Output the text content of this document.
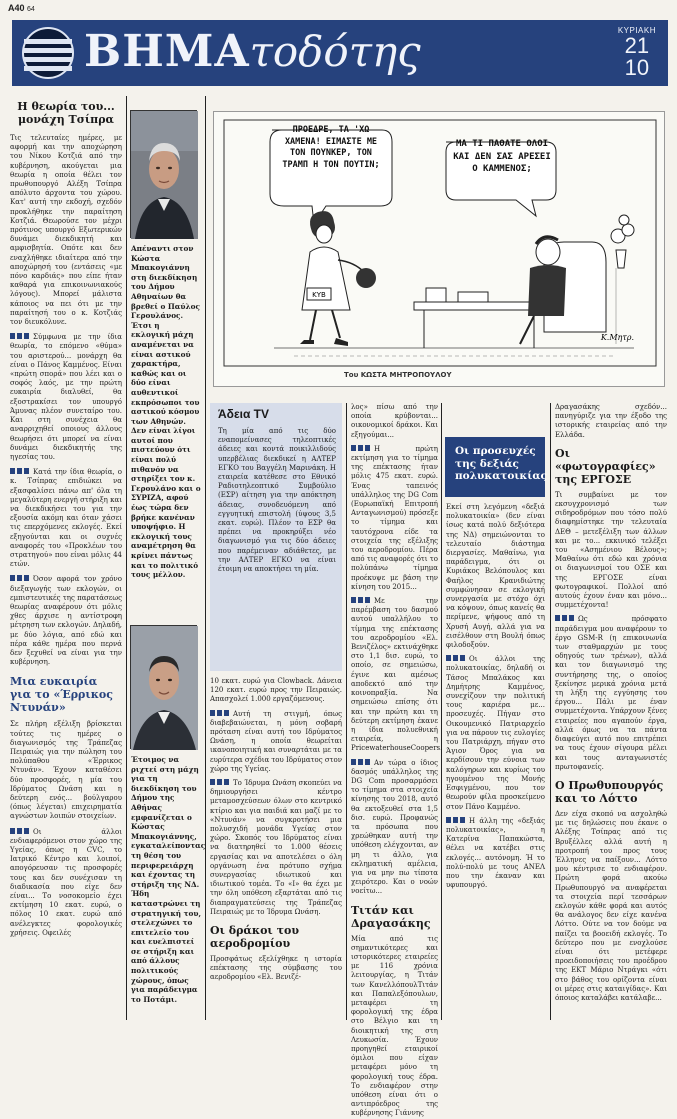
A40 64
ΒΗΜΑτοδότης	ΚΥΡΙΑΚΗ
21
10
Η θεωρία του... μονάχη Τσίπρα

Τις τελευταίες ημέρες, με αφορμή και την αποχώρηση του Νίκου Κοτζιά από την κυβέρνηση, ακούγεται μια θεωρία η οποία θέλει τον πρωθυπουργό Αλέξη Τσίπρα απόλυτο άρχοντα του χώρου. Κατ' αυτή την εκδοχή, σχεδόν προκλήθηκε την παραίτηση Κοτζιά. Θεωρούσε τον μέχρι πρότινος υπουργό Εξωτερικών δυνάμει διεκδικητή και αμφισβητία. Οπότε και δεν εναχλήθηκε ιδιαίτερα από την αποχώρησή του (εντάσεις «με πόνο καρδιάς» που είπε ήταν καθαρά για επικοινωνιακούς λόγους). Μπορεί μάλιστα κάποιος να πει ότι με την παραίτησή του ο κ. Κοτζιάς τον διευκόλυνε.

Σύμφωνα με την ίδια θεωρία, το επόμενο «θύμα» του αριστερού... μονάρχη θα είναι ο Πάνος Καμμένος. Είναι «πρώτη σπορά» που λέει και ο σοφός λαός, με την πρώτη ευκαιρία διαλυθεί, θα εξοστρακίσει τον υπουργό Άμυνας πλέον συνεταίρο του. Και στη συνέχεια θα αναρριχηθεί οποιους άλλους θεωρήσει ότι μπορεί να είναι δυνάμει διεκδικητής της ηγεσίας του.

Κατά την ίδια θεωρία, ο κ. Τσίπρας επιδιώκει να εξασφαλίσει πάνω απ' όλα τη μεγαλύτερη ενεργή στήριξη και να διεκδικήσει του για την εξουσία ακόμη και όταν χάσει τις επερχόμενες εκλογές. Εκεί εξηγούνται και οι συχνές αναφορές του «Προκλέων του στρατηγού» που είναι μόλις 44 ετών.

Όσον αφορά τον χρόνο διεξαγωγής των εκλογών, οι εμπιστευτικές της παρατάσεως θεωρίας αναφέρουν ότι μόλις χθες άρχισε η αντίστροφη μέτρηση των εκλογών. Δηλαδή, με δύο λόγια, από εδώ και πέρα κάθε ημέρα που περνά δεν ξεχυθεί να είναι για την κυβέρνηση.

Μια ευκαιρία για το «Έρρικος Ντυνάν»

Σε πλήρη εξέλιξη βρίσκεται τούτες τις ημέρες ο διαγωνισμός της Τράπεζας Πειραιώς για την πώληση του πολύπαθου «Έρρικος Ντυνάν». Έχουν καταθέσει δύο προσφορές, η μία του Ιδρύματος Ωνάση και η δεύτερη ενός... βούλγαρου (όπως λέγεται) επιχειρηματία αγνώστων λοιπών στοιχείων.

Οι άλλοι ενδιαφερόμενοι στον χώρο της Υγείας, όπως η CVC, το Ιατρικό Κέντρο και λοιποί, απογόρευσαν τις προσφορές τους και δεν συνέχισαν τη διαδικασία που είχε δεν είναι... Το νοσοκομείο έχει εκτίμηση 10 εκατ. ευρώ, ο πόλος 10 εκατ. ευρώ από ανέλεγκτες φορολογικές χρήσεις. Οφειλές

Απέναντι στον Κώστα Μπακογιάννη στη διεκδίκηση του Δήμου Αθηναίων θα βρεθεί ο Παύλος Γερουλάνος. Έτσι η εκλογική μάχη αναμένεται να είναι αστικού χαρακτήρα, καθώς και οι δύο είναι αυθεντικοί εκπρόσωποι του αστικού κόσμου των Αθηνών. Δεν είναι λίγοι αυτοί που πιστεύουν ότι είναι πολύ πιθανόν να στηρίξει τον κ. Γερουλάνο και ο ΣΥΡΙΖΑ, αφού έως τώρα δεν βρήκε κανέναν υποψήφιο. Η εκλογική τους αναμέτρηση θα κρίνει πάντως και το πολιτικό τους μέλλον.

Έτοιμος να ριχτεί στη μάχη για τη διεκδίκηση του Δήμου της Αθήνας εμφανίζεται ο Κώστας Μπακογιάννης, εγκαταλείποντας τη θέση του περιφερειάρχη και έχοντας τη στήριξη της ΝΔ. Ήδη καταστρώνει τη στρατηγική του, στελεχώνει το επιτελείο του και ευελπιστεί σε στήριξη και από άλλους πολιτικούς χώρους, όπως για παράδειγμα το Ποτάμι.

ΚΥΒ
Κ.Μητρ.
ΠΡΟΕΔΡΕ, ΤΑ 'ΧΩ ΧΑΜΕΝΑ! ΕΙΜΑΣΤΕ ΜΕ ΤΟΝ ΠΟΥΝΚΕΡ, ΤΟΝ ΤΡΑΜΠ Η ΤΟΝ ΠΟΥΤΙΝ;
ΜΑ ΤΙ ΠΑΘΑΤΕ ΟΛΟΙ ΚΑΙ ΔΕΝ ΣΑΣ ΑΡΕΣΕΙ Ο ΚΑΜΜΕΝΟΣ;
Του ΚΩΣΤΑ ΜΗΤΡΟΠΟΥΛΟΥ
Άδεια TV

Τη μία από τις δύο εναπομείνασες τηλεοπτικές άδειες και κοντά ποικιλλιδούς υπερβέλιας διεκδικεί η ΑΛΤΕΡ ΕΓΚΟ του Βαγγέλη Μαρινάκη. Η εταιρεία κατέθεσε στο Εθνικό Ραδιοτηλεοπτικό Συμβούλιο (ΕΣΡ) αίτηση για την απόκτηση άδειας, συνοδευόμενη από εγγυητική επιστολή (ύψους 3,5 εκατ. ευρώ). Πλέον το ΕΣΡ θα πρέπει να προκηρύξει νέο διαγωνισμό για τις δύο άδειες που παρέμειναν αδιάθετες, με την ΑΛΤΕΡ ΕΓΚΟ να είναι έτοιμη να αποκτήσει τη μία.

10 εκατ. ευρώ για Clowback. Δάνεια 120 εκατ. ευρώ προς την Πειραιώς. Απασχολεί 1.000 εργαζόμενους.

Αυτή τη στιγμή, όπως διαβεβαιώνεται, η μόνη σοβαρή πρόταση είναι αυτή του Ιδρύματος Ωνάση, η οποία θεωρείται ικανοποιητική και συναρτάται με τα ευρύτερα σχέδια του Ιδρύματος στον χώρο της Υγείας.

Το Ίδρυμα Ωνάση σκοπεύει να δημιουργήσει κέντρο μεταμοσχεύσεων όλων στο κεντρικό κτίριο και για παιδιά και μαζί με το «Ντυνάν» να συγκροτήσει μια πολυσχιδή μονάδα Υγείας στον χώρο. Σκοπός του Ιδρύματος είναι να διατηρηθεί το 1.000 θέσεις εργασίας και να αποτελέσει ο όλη οργάνωση ένα πρότυπο σχήμα συνεργασίας ιδιωτικού και ιδιωτικού τομέα. Το «Ι» θα έχει με την όλη υπόθεση εξαρτάται από τις διαπραγματεύσεις της Τράπεζας Πειραιώς με το Ίδρυμα Ωνάση.

Οι δράκοι του αεροδρομίου

Προσφάτως εξελίχθηκε η ιστορία επέκτασης της σύμβασης του αεροδρομίου «Ελ. Βενιζέ-

λος» πίσω από την οποία κρύβονται... οικονομικοί δράκοι. Και εξηγούμαι...

Η πρώτη εκτίμηση για το τίμημα της επέκτασης ήταν μόλις 475 εκατ. ευρώ. Ένας ταπεινός υπάλληλος της DG Com (Ευρωπαϊκή Επιτροπή Ανταγωνισμού) πρόσεξε το τίμημα και ταυτόχρονα είδε τα στοιχεία της εξέλιξης του αεροδρομίου. Πέρα από τις αναφορές ότι το πολύπάνω τίμημα προέκυψε με βάση την κίνηση του 2015...

Με την παρέμβαση του δασμού αυτού υπαλλήλου το τίμημα της επέκτασης του αεροδρομίου «Ελ. Βενιζέλος» εκτινάχθηκε στο 1,1 δισ. ευρώ, το οποίο, σε σημειώσω, έγινε και αμέσως αποδεκτό από την κοινοπραξία. Να σημειώσω επίσης ότι και την πρώτη και τη δεύτερη εκτίμηση έκανε η ίδια πολυεθνική εταιρεία, η PricewaterhouseCoopers.

Αν τώρα ο ίδιος δασμός υπάλληλος της DG Com προσαρμόσει το τίμημα στα στοιχεία κίνησης του 2018, αυτό θα εκτοξευθεί στα 1,5 δισ. ευρώ. Προφανώς τα πρόσωπα που χρεώθηκαν αυτή την υπόθεση ελέγχονται, αν μη τι άλλο, για εκληματική αμέλεια, για να μην πω τίποτα χειρότερο. Και ο νοών νοείτω...

Τιτάν και Δραγασάκης

Μία από τις σημαντικότερες και ιστορικότερες εταιρείες με 116 χρόνια λειτουργίας, η Τιτάν των ΚανελλόπουλΤιτάν και Παπαλεξόπουλων, μεταφέρει τη φορολογική της έδρα στο Βέλγιο και τη διοικητική της στη Λευκωσία. Έχουν προηγηθεί εταιρικοί όμιλοι που είχαν μεταφέρει μόνο τη φορολογική τους έδρα. Το ενδιαφέρον στην υπόθεση είναι ότι ο αντιπρόεδρος της κυβέρνησης Γιάννης

Οι προσευχές της δεξιάς πολυκατοικίας

Εκεί στη λεγόμενη «δεξιά πολυκατοικία» (δεν είναι ίσως κατά πολύ δεξιότερα της ΝΔ) σημειώνονται το τελευταίο διάστημα διεργασίες. Μαθαίνω, για παράδειγμα, ότι οι Κυριάκος Βελόπουλος και Φαήλος Κρανιδιώτης συμφώνησαν σε εκλογική συνεργασία με στόχο όχι να κόψουν, όπως κανείς θα περίμενε, ψήφους από τη Χρυσή Αυγή, αλλά για να εισέλθουν στη Βουλή όπως φιλοδοξούν.

Οι άλλοι της πολυκατοικίας, δηλαδή οι Τάσος Μπαλάκος και Δημήτρης Καμμένος, συνεχίζουν την πολιτική τους καριέρα με... προσευχές. Πήγαν στο Οικουμενικό Πατριαρχείο για να πάρουν τις ευλογίες του Πατριάρχη, πήγαν στο Άγιον Όρος για να κερδίσουν την εύνοια των καλόγηρων και κυρίως του ηγουμένου της Μονής Εσφιγμένου, που τον θεωρούν φίλα προσκείμενο στον Πάνο Καμμένο.

Η άλλη της «δεξιάς πολυκατοικίας», η Κατερίνα Παπακώστα, θέλει να κατέβει στις εκλογές... αυτόνομη. Ή το πολύ-πολύ με τους ΑΝΕΛ που την έκαναν και υφυπουργό.

Δραγασάκης σχεδόν... πανηγύριζε για την έξοδο της ιστορικής εταιρείας από την Ελλάδα.

Οι «φωτογραφίες» της ΕΡΓΟΣΕ

Τι συμβαίνει με τον εκσυγχρονισμό των σιδηροδρόμων που τόσο πολύ διαφημίστηκε την τελευταία ΔΕΘ – μετεξέλιξη των άλλων και με το... εκκινικό τελέξει του «Ασημένιου Βέλους»; Μαθαίνω ότι εδώ και χρόνια οι διαγωνισμοί του ΟΣΕ και της ΕΡΓΟΣΕ είναι φωτογραφικοί. Πολλοί από αυτούς έχουν έναν και μόνο... συμμετέχοντα!

Ως πρόσφατο παράδειγμα μου αναφέρουν το έργο GSM-R (η επικοινωνία των σταθμαρχών με τους οδηγούς των τρένων), αλλά και τον διαγωνισμό της συντήρησης της, ο οποίος ξεκίνησε μερικά χρόνια μετά τη λήξη της εγγύησης του έργου... Πάλι με έναν συμμετέχοντα. Υπάρχουν ξένες εταιρείες που αγαπούν έργα, αλλά όμως να τα πάντα διαφεύγει αυτό που επιτρέπει να τους έχουν σίγουρα μέλει και τους ανταγωνιστές πρωτοφανείς.

Ο Πρωθυπουργός και το Λόττο

Δεν είχα σκοπό να ασχοληθώ με τις δηλώσεις που έκανε ο Αλέξης Τσίπρας από τις Βρυξέλλες αλλά αυτή η προτροπή του προς τους Έλληνες να παίξουν... Λόττο μου κέντρισε το ενδιαφέρον. Πρώτη φορά ακούω Πρωθυπουργό να αναφέρεται τα στοιχεία περί τεσσάρων εκλογών κάθε φορά και αυτός θα ανάλογος δεν είχε κανένα Λόττο. Ούτε να τον δούμε να παίζει τα βοοειδή εκλογές. Το δεύτερο που με ενοχλούσε είναι ότι μετέφερε προειδοποιήσεις του προέδρου της ΕΚΤ Μάριο Ντράγκι «ότι στο βάθος του ορίζοντα είναι οι μέρες στις καταιγίδας». Και όποιος καταλάβει κατάλαβε...
